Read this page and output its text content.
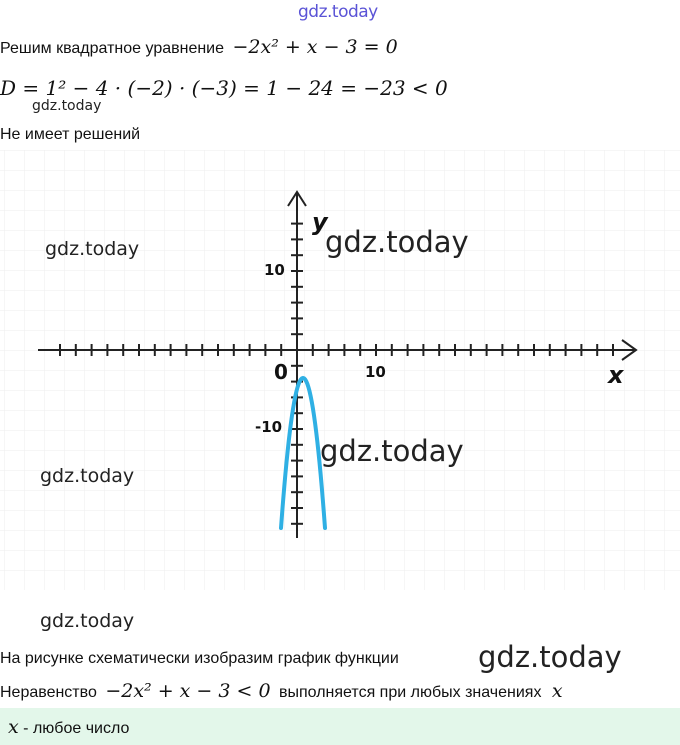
gdz.today
Решим квадратное уравнение −2x² + x − 3 = 0
D = 1² − 4 · (−2) · (−3) = 1 − 24 = −23 < 0
gdz.today
Не имеет решений
y
x
0	10
10
-10
gdz.today
gdz.today
gdz.today
gdz.today
gdz.today
На рисунке схематически изобразим график функции	gdz.today
Неравенство −2x² + x − 3 < 0 выполняется при любых значениях x
x - любое число
